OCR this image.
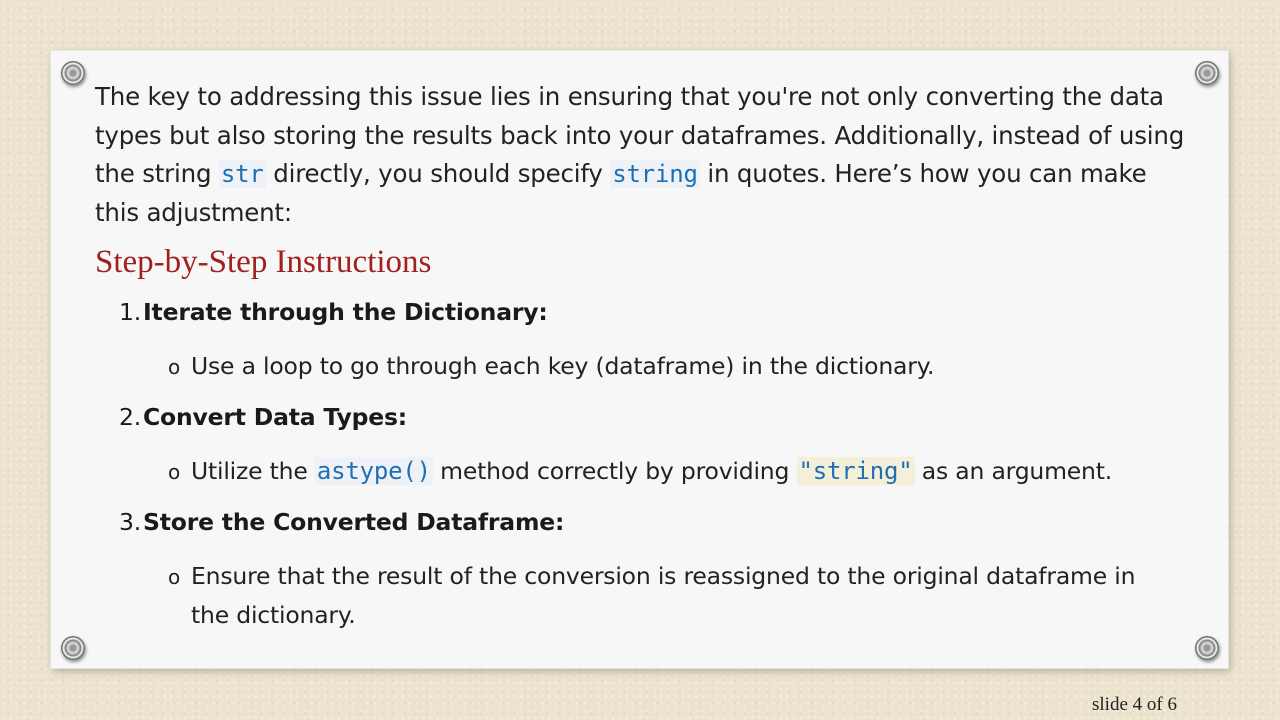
The key to addressing this issue lies in ensuring that you're not only converting the data types but also storing the results back into your dataframes. Additionally, instead of using the string str directly, you should specify string in quotes. Here’s how you can make this adjustment:
Step-by-Step Instructions
1.Iterate through the Dictionary:
o Use a loop to go through each key (dataframe) in the dictionary.
2.Convert Data Types:
o Utilize the astype() method correctly by providing "string" as an argument.
3.Store the Converted Dataframe:
o Ensure that the result of the conversion is reassigned to the original dataframe in the dictionary.
slide 4 of 6
